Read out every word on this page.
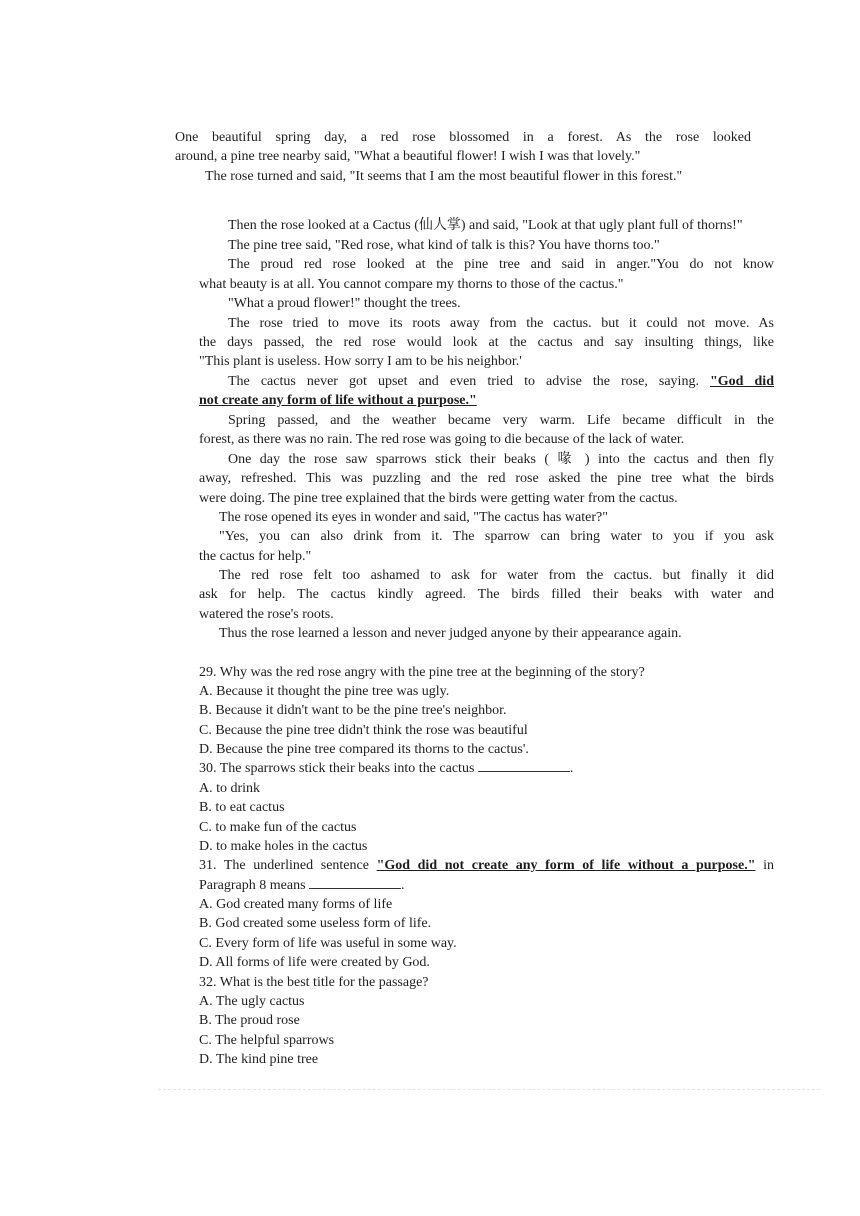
One beautiful spring day, a red rose blossomed in a forest. As the rose looked

around, a pine tree nearby said, "What a beautiful flower! I wish I was that lovely."

The rose turned and said, "It seems that I am the most beautiful flower in this forest."

Then the rose looked at a Cactus (仙人掌) and said, "Look at that ugly plant full of thorns!"

The pine tree said, "Red rose, what kind of talk is this? You have thorns too."

The proud red rose looked at the pine tree and said in anger."You do not know

what beauty is at all. You cannot compare my thorns to those of the cactus."

"What a proud flower!" thought the trees.

The rose tried to move its roots away from the cactus. but it could not move. As

the days passed, the red rose would look at the cactus and say insulting things, like

"This plant is useless. How sorry I am to be his neighbor.'

The cactus never got upset and even tried to advise the rose, saying. "God did

not create any form of life without a purpose."

Spring passed, and the weather became very warm. Life became difficult in the

forest, as there was no rain. The red rose was going to die because of the lack of water.

One day the rose saw sparrows stick their beaks ( 喙 ) into the cactus and then fly

away, refreshed. This was puzzling and the red rose asked the pine tree what the birds

were doing. The pine tree explained that the birds were getting water from the cactus.

The rose opened its eyes in wonder and said, "The cactus has water?"

"Yes, you can also drink from it. The sparrow can bring water to you if you ask

the cactus for help."

The red rose felt too ashamed to ask for water from the cactus. but finally it did

ask for help. The cactus kindly agreed. The birds filled their beaks with water and

watered the rose's roots.

Thus the rose learned a lesson and never judged anyone by their appearance again.

29. Why was the red rose angry with the pine tree at the beginning of the story?

A. Because it thought the pine tree was ugly.

B. Because it didn't want to be the pine tree's neighbor.

C. Because the pine tree didn't think the rose was beautiful

D. Because the pine tree compared its thorns to the cactus'.

30. The sparrows stick their beaks into the cactus	.

A. to drink

B. to eat cactus

C. to make fun of the cactus

D. to make holes in the cactus

31. The underlined sentence "God did not create any form of life without a purpose." in

Paragraph 8 means	.

A. God created many forms of life

B. God created some useless form of life.

C. Every form of life was useful in some way.

D. All forms of life were created by God.

32. What is the best title for the passage?

A. The ugly cactus

B. The proud rose

C. The helpful sparrows

D. The kind pine tree
